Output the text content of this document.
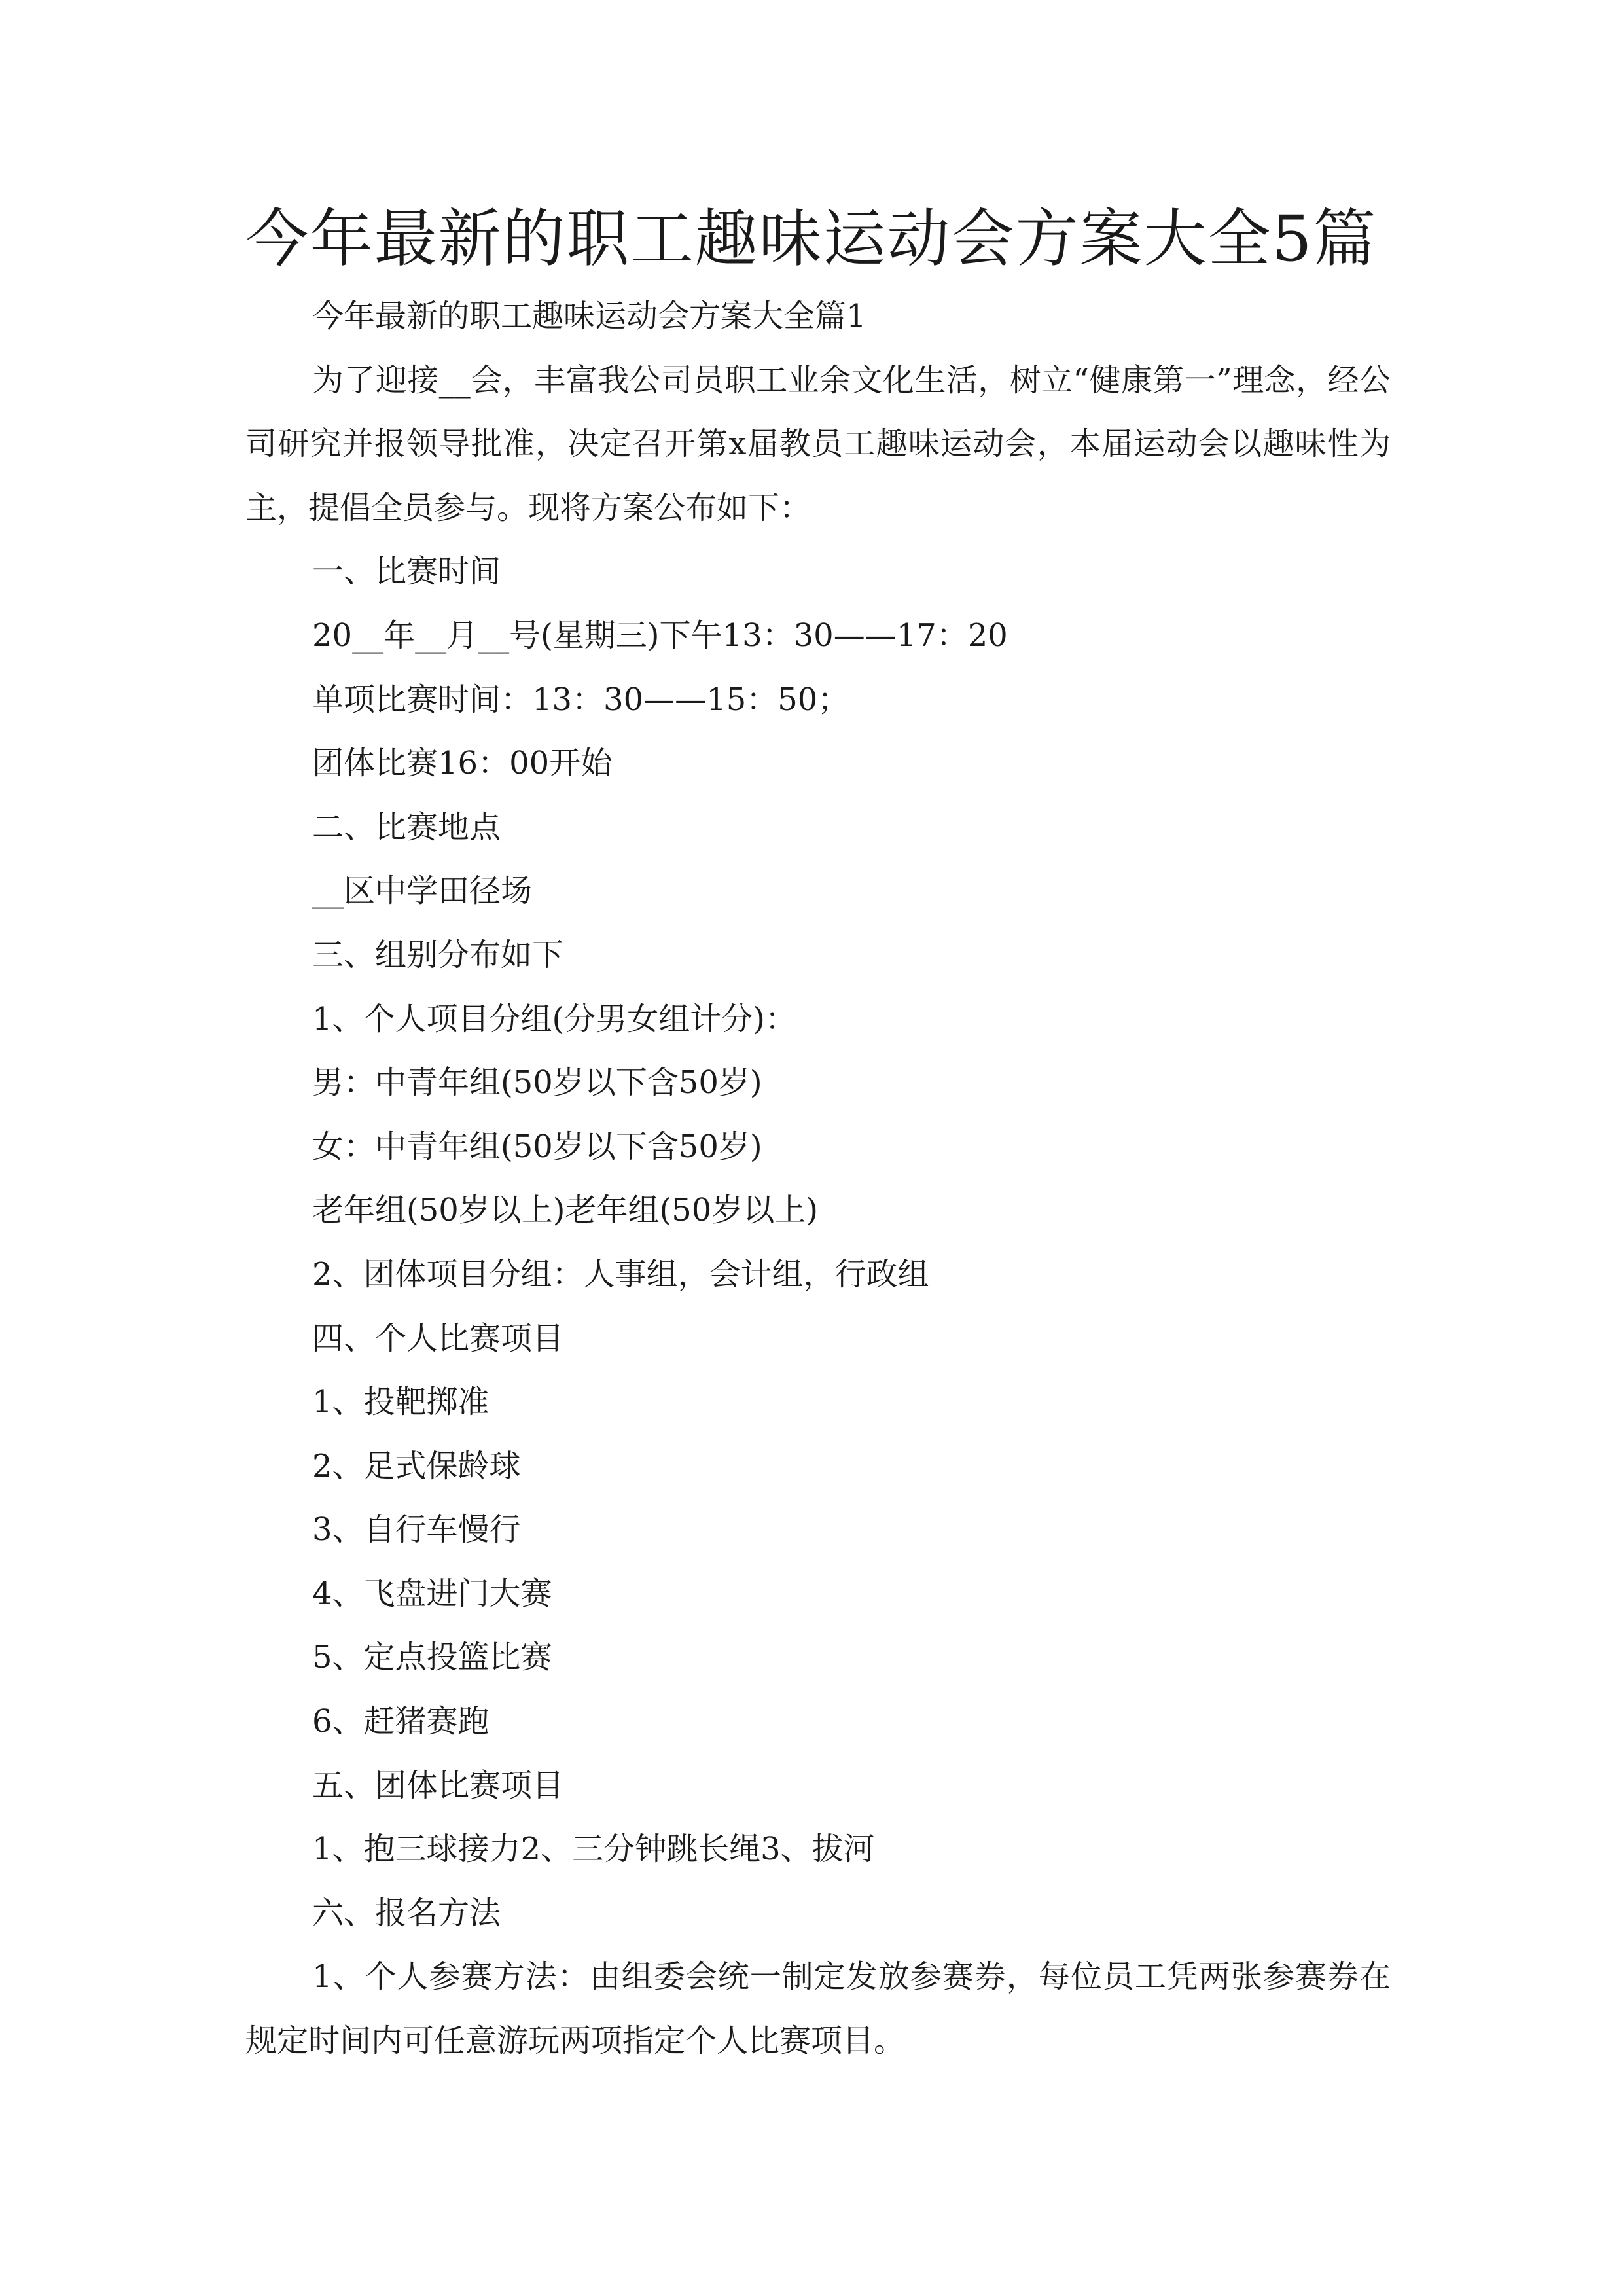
今年最新的职工趣味运动会方案大全5篇

今年最新的职工趣味运动会方案大全篇1

为了迎接__会，丰富我公司员职工业余文化生活，树立“健康第一”理念，经公司研究并报领导批准，决定召开第x届教员工趣味运动会，本届运动会以趣味性为主，提倡全员参与。现将方案公布如下：

一、比赛时间

20__年__月__号(星期三)下午13：30——17：20

单项比赛时间：13：30——15：50；

团体比赛16：00开始

二、比赛地点

__区中学田径场

三、组别分布如下

1、个人项目分组(分男女组计分)：

男：中青年组(50岁以下含50岁)

女：中青年组(50岁以下含50岁)

老年组(50岁以上)老年组(50岁以上)

2、团体项目分组：人事组，会计组，行政组

四、个人比赛项目

1、投靶掷准

2、足式保龄球

3、自行车慢行

4、飞盘进门大赛

5、定点投篮比赛

6、赶猪赛跑

五、团体比赛项目

1、抱三球接力2、三分钟跳长绳3、拔河

六、报名方法

1、个人参赛方法：由组委会统一制定发放参赛券，每位员工凭两张参赛券在规定时间内可任意游玩两项指定个人比赛项目。
